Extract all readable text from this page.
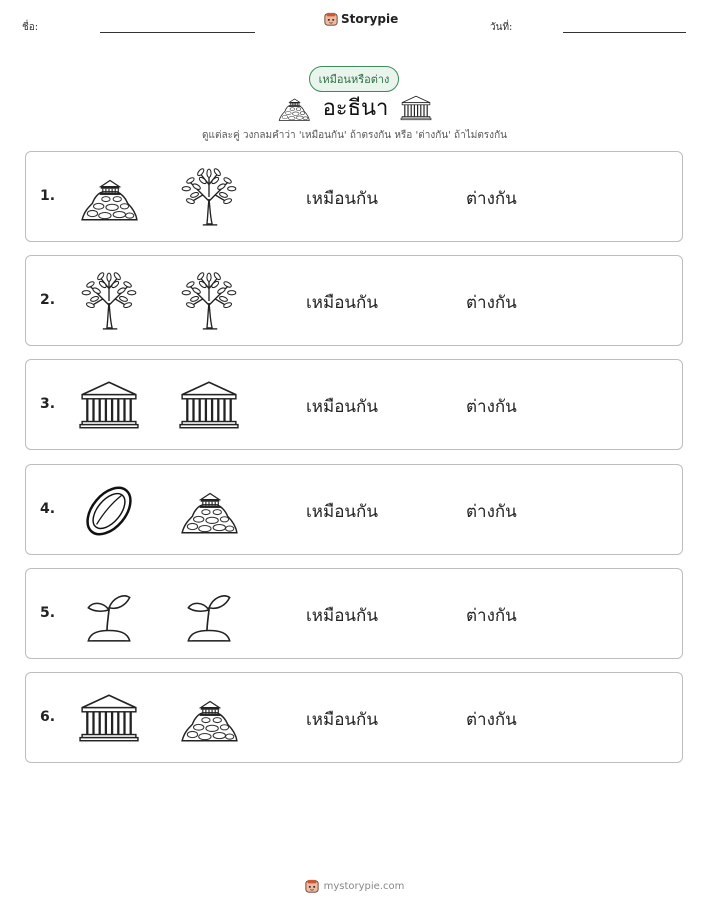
ชื่อ:
Storypie
วันที่:
เหมือนหรือต่าง
อะธีนา
ดูแต่ละคู่ วงกลมคำว่า 'เหมือนกัน' ถ้าตรงกัน หรือ 'ต่างกัน' ถ้าไม่ตรงกัน
1.	เหมือนกัน	ต่างกัน
2.	เหมือนกัน	ต่างกัน
3.	เหมือนกัน	ต่างกัน
4.	เหมือนกัน	ต่างกัน
5.	เหมือนกัน	ต่างกัน
6.	เหมือนกัน	ต่างกัน
mystorypie.com
